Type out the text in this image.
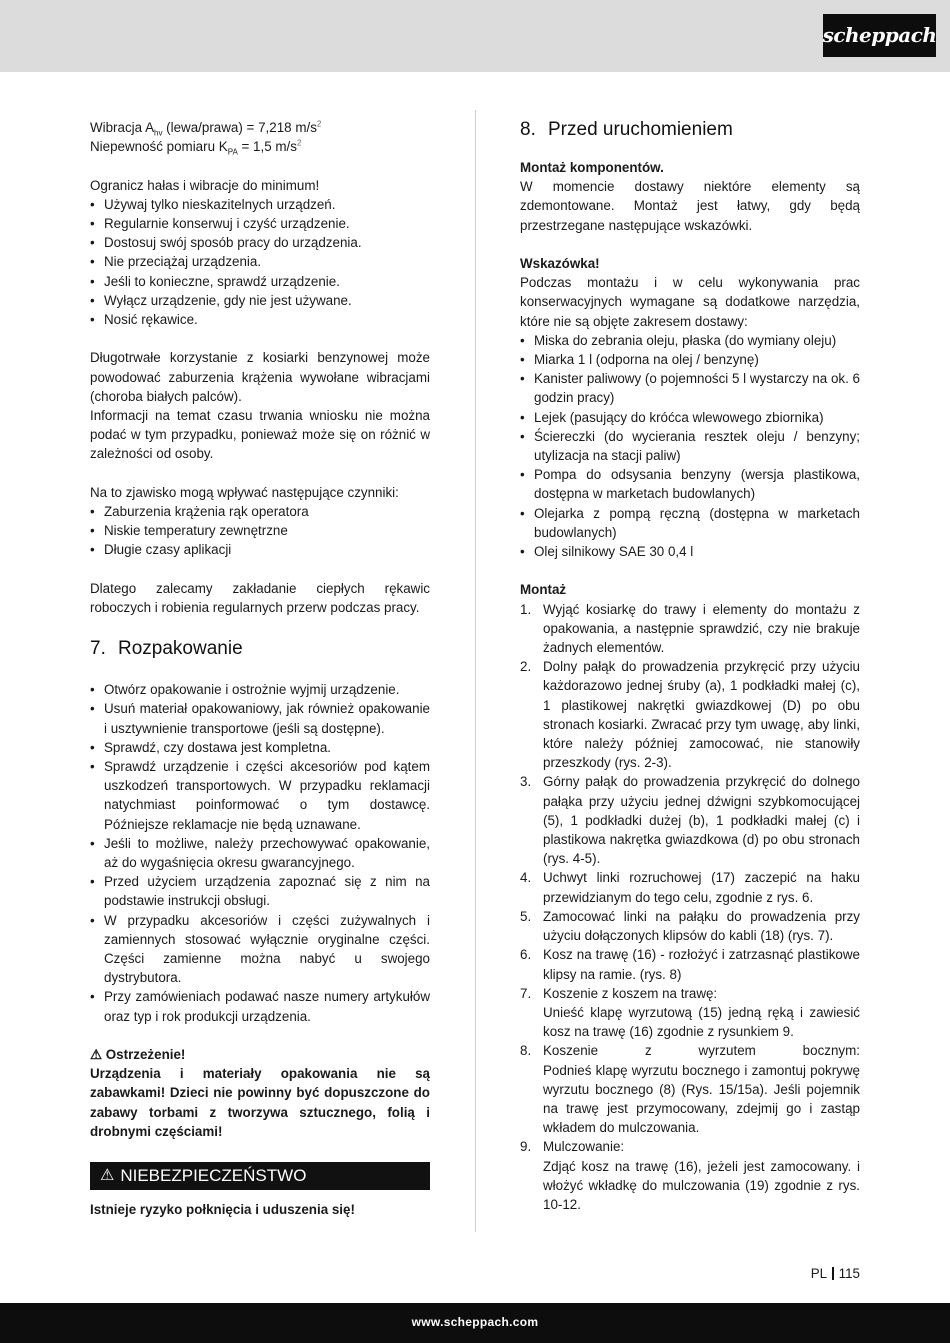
scheppach

Wibracja $A_{hv}$ (lewa/prawa) = 7,218 $m/s^2$

Niepewność pomiaru $K_{PA} = 1,5$ $m/s^2$

Ogranicz hałas i wibracje do minimum!

• Używaj tylko nieskazitelnych urządzeń.
• Regularnie konserwuj i czyść urządzenie.
• Dostosuj swój sposób pracy do urządzenia.
• Nie przeciążaj urządzenia.
• Jeśli to konieczne, sprawdź urządzenie.
• Wyłącz urządzenie, gdy nie jest używane.
• Nosić rękawice.

Długotrwałe korzystanie z kosiarki benzynowej może powodować zaburzenia krążenia wywołane wibracjami (choroba białych palców).

Informacji na temat czasu trwania wniosku nie można podać w tym przypadku, ponieważ może się on różnić w zależności od osoby.

Na to zjawisko mogą wpływać następujące czynniki:

• Zaburzenia krążenia rąk operatora
• Niskie temperatury zewnętrzne
• Długie czasy aplikacji

Dlatego zalecamy zakładanie ciepłych rękawic roboczych i robienia regularnych przerw podczas pracy.

7. Rozpakowanie
• Otwórz opakowanie i ostrożnie wyjmij urządzenie.
• Usuń materiał opakowaniowy, jak również opakowanie i usztywnienie transportowe (jeśli są dostępne).
• Sprawdź, czy dostawa jest kompletna.
• Sprawdź urządzenie i części akcesoriów pod kątem uszkodzeń transportowych. W przypadku reklamacji natychmiast poinformować o tym dostawcę. Późniejsze reklamacje nie będą uznawane.
• Jeśli to możliwe, należy przechowywać opakowanie, aż do wygaśnięcia okresu gwarancyjnego.
• Przed użyciem urządzenia zapoznać się z nim na podstawie instrukcji obsługi.
• W przypadku akcesoriów i części zużywalnych i zamiennych stosować wyłącznie oryginalne części. Części zamienne można nabyć u swojego dystrybutora.
• Przy zamówieniach podawać nasze numery artykułów oraz typ i rok produkcji urządzenia.

⚠ Ostrzeżenie!

Urządzenia i materiały opakowania nie są zabawkami! Dzieci nie powinny być dopuszczone do zabawy torbami z tworzywa sztucznego, folią i drobnymi częściami!

⚠ NIEBEZPIECZEŃSTWO

Istnieje ryzyko połknięcia i uduszenia się!

8. Przed uruchomieniem

Montaż komponentów.

W momencie dostawy niektóre elementy są zdemontowane. Montaż jest łatwy, gdy będą przestrzegane następujące wskazówki.

Wskazówka!

Podczas montażu i w celu wykonywania prac konserwacyjnych wymagane są dodatkowe narzędzia, które nie są objęte zakresem dostawy:

• Miska do zebrania oleju, płaska (do wymiany oleju)
• Miarka 1 l (odporna na olej / benzynę)
• Kanister paliwowy (o pojemności 5 l wystarczy na ok. 6 godzin pracy)
• Lejek (pasujący do króćca wlewowego zbiornika)
• Ściereczki (do wycierania resztek oleju / benzyny; utylizacja na stacji paliw)
• Pompa do odsysania benzyny (wersja plastikowa, dostępna w marketach budowlanych)
• Olejarka z pompą ręczną (dostępna w marketach budowlanych)
• Olej silnikowy SAE 30 0,4 l

Montaż

1. Wyjąć kosiarkę do trawy i elementy do montażu z opakowania, a następnie sprawdzić, czy nie brakuje żadnych elementów.
2. Dolny pałąk do prowadzenia przykręcić przy użyciu każdorazowo jednej śruby (a), 1 podkładki małej (c), 1 plastikowej nakrętki gwiazdkowej (D) po obu stronach kosiarki. Zwracać przy tym uwagę, aby linki, które należy później zamocować, nie stanowiły przeszkody (rys. 2-3).
3. Górny pałąk do prowadzenia przykręcić do dolnego pałąka przy użyciu jednej dźwigni szybkomocującej (5), 1 podkładki dużej (b), 1 podkładki małej (c) i plastikowa nakrętka gwiazdkowa (d) po obu stronach (rys. 4-5).
4. Uchwyt linki rozruchowej (17) zaczepić na haku przewidzianym do tego celu, zgodnie z rys. 6.
5. Zamocować linki na pałąku do prowadzenia przy użyciu dołączonych klipsów do kabli (18) (rys. 7).
6. Kosz na trawę (16) - rozłożyć i zatrzasnąć plastikowe klipsy na ramie. (rys. 8)
7. Koszenie z koszem na trawę:
Unieść klapę wyrzutową (15) jedną ręką i zawiesić kosz na trawę (16) zgodnie z rysunkiem 9.
8. Koszenie z wyrzutem bocznym:
Podnieś klapę wyrzutu bocznego i zamontuj pokrywę wyrzutu bocznego (8) (Rys. 15/15a). Jeśli pojemnik na trawę jest przymocowany, zdejmij go i zastąp wkładem do mulczowania.
9. Mulczowanie:
Zdjąć kosz na trawę (16), jeżeli jest zamocowany. i włożyć wkładkę do mulczowania (19) zgodnie z rys. 10-12.
PL 115
www.scheppach.com
